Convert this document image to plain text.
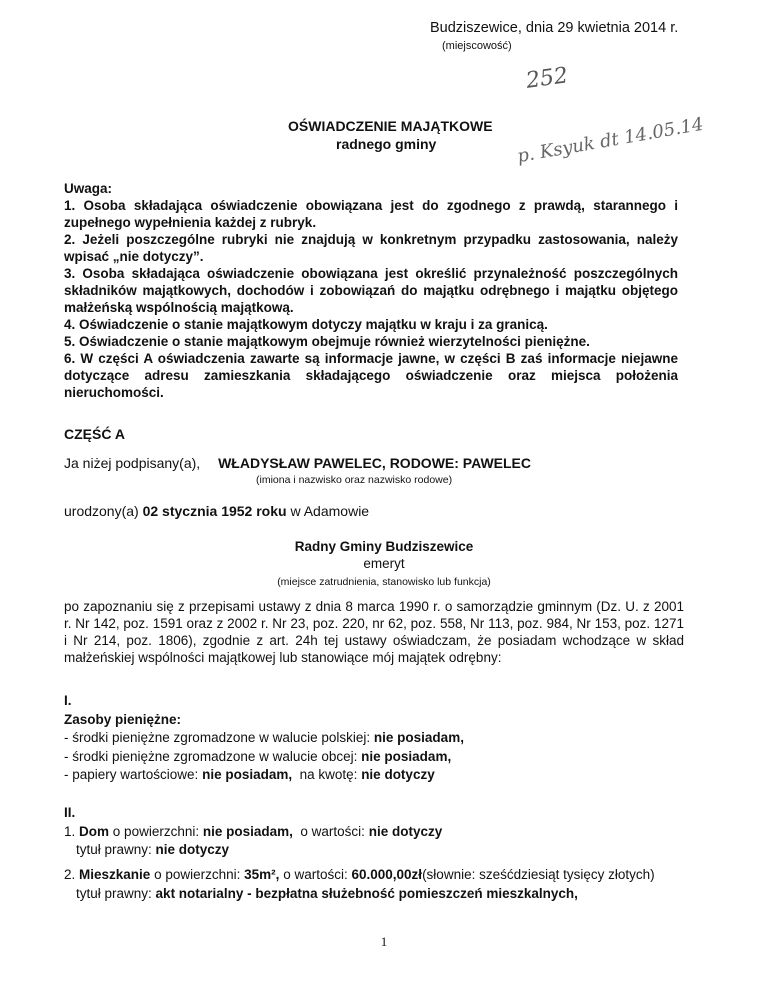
Budziszewice, dnia 29 kwietnia 2014 r.
(miejscowość)
252
p. Ksyuk dt 14.05.14
OŚWIADCZENIE MAJĄTKOWE
radnego gminy
Uwaga:
1. Osoba składająca oświadczenie obowiązana jest do zgodnego z prawdą, starannego i zupełnego wypełnienia każdej z rubryk.
2. Jeżeli poszczególne rubryki nie znajdują w konkretnym przypadku zastosowania, należy wpisać „nie dotyczy”.
3. Osoba składająca oświadczenie obowiązana jest określić przynależność poszczególnych składników majątkowych, dochodów i zobowiązań do majątku odrębnego i majątku objętego małżeńską wspólnością majątkową.
4. Oświadczenie o stanie majątkowym dotyczy majątku w kraju i za granicą.
5. Oświadczenie o stanie majątkowym obejmuje również wierzytelności pieniężne.
6. W części A oświadczenia zawarte są informacje jawne, w części B zaś informacje niejawne dotyczące adresu zamieszkania składającego oświadczenie oraz miejsca położenia nieruchomości.
CZĘŚĆ A
Ja niżej podpisany(a), WŁADYSŁAW PAWELEC, RODOWE: PAWELEC
(imiona i nazwisko oraz nazwisko rodowe)
urodzony(a) 02 stycznia 1952 roku w Adamowie
Radny Gminy Budziszewice
emeryt
(miejsce zatrudnienia, stanowisko lub funkcja)
po zapoznaniu się z przepisami ustawy z dnia 8 marca 1990 r. o samorządzie gminnym (Dz. U. z 2001 r. Nr 142, poz. 1591 oraz z 2002 r. Nr 23, poz. 220, nr 62, poz. 558, Nr 113, poz. 984, Nr 153, poz. 1271 i Nr 214, poz. 1806), zgodnie z art. 24h tej ustawy oświadczam, że posiadam wchodzące w skład małżeńskiej wspólności majątkowej lub stanowiące mój majątek odrębny:
I.
Zasoby pieniężne:
- środki pieniężne zgromadzone w walucie polskiej: nie posiadam,
- środki pieniężne zgromadzone w walucie obcej: nie posiadam,
- papiery wartościowe: nie posiadam, na kwotę: nie dotyczy
II.
1. Dom o powierzchni: nie posiadam, o wartości: nie dotyczy
tytuł prawny: nie dotyczy
2. Mieszkanie o powierzchni: 35m², o wartości: 60.000,00zł(słownie: sześćdziesiąt tysięcy złotych)
tytuł prawny: akt notarialny - bezpłatna służebność pomieszczeń mieszkalnych,
1
